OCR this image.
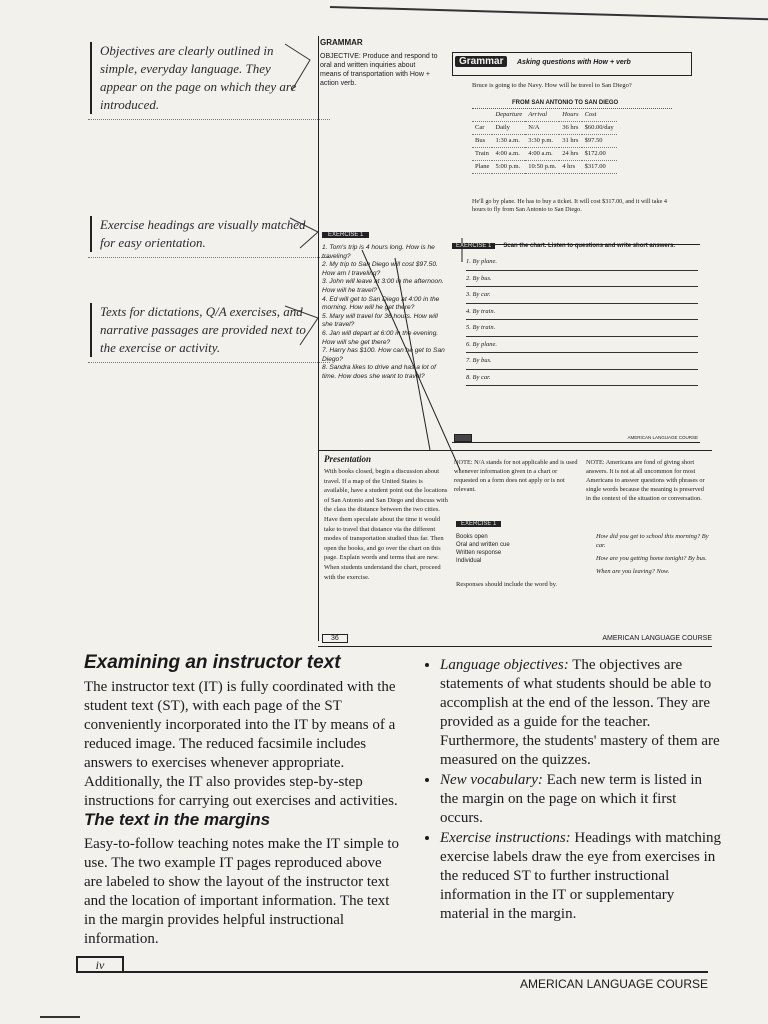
Objectives are clearly outlined in simple, everyday language. They appear on the page on which they are introduced.
Exercise headings are visually matched for easy orientation.
Texts for dictations, Q/A exercises, and narrative passages are provided next to the exercise or activity.
GRAMMAR
OBJECTIVE: Produce and respond to oral and written inquiries about means of transportation with How + action verb.
EXERCISE 1
1. Tom's trip is 4 hours long. How is he traveling?
2. My trip to San Diego will cost $97.50. How am I traveling?
3. John will leave at 3:00 in the afternoon. How will he travel?
4. Ed will get to San Diego at 4:00 in the morning. How will he get there?
5. Mary will travel for 36 hours. How will she travel?
6. Jan will depart at 6:00 in the evening. How will she get there?
7. Harry has $100. How can he get to San Diego?
8. Sandra likes to drive and has a lot of time. How does she want to travel?
Grammar	Asking questions with How + verb
Bruce is going to the Navy. How will he travel to San Diego?
FROM SAN ANTONIO TO SAN DIEGO
	Departure	Arrival	Hours	Cost
Car	Daily	N/A	36 hrs	$60.00/day
Bus	1:30 a.m.	3:30 p.m.	31 hrs	$97.50
Train	4:00 a.m.	4:00 a.m.	24 hrs	$172.00
Plane	5:00 p.m.	10:50 p.m.	4 hrs	$317.00
He'll go by plane. He has to buy a ticket. It will cost $317.00, and it will take 4 hours to fly from San Antonio to San Diego.
EXERCISE 1 Scan the chart. Listen to questions and write short answers.
1. By plane.
2. By bus.
3. By car.
4. By train.
5. By train.
6. By plane.
7. By bus.
8. By car.
AMERICAN LANGUAGE COURSE
Presentation
With books closed, begin a discussion about travel. If a map of the United States is available, have a student point out the locations of San Antonio and San Diego and discuss with the class the distance between the two cities. Have them speculate about the time it would take to travel that distance via the different modes of transportation studied thus far. Then open the books, and go over the chart on this page. Explain words and terms that are new. When students understand the chart, proceed with the exercise.
NOTE: N/A stands for not applicable and is used whenever information given in a chart or requested on a form does not apply or is not relevant.
EXERCISE 1
Books open
Oral and written cue
Written response
Individual
Responses should include the word by.
NOTE: Americans are fond of giving short answers. It is not at all uncommon for most Americans to answer questions with phrases or single words because the meaning is preserved in the context of the situation or conversation.
How did you get to school this morning? By car.
How are you getting home tonight? By bus.
When are you leaving? Now.
36	AMERICAN LANGUAGE COURSE
Examining an instructor text
The instructor text (IT) is fully coordinated with the student text (ST), with each page of the ST conveniently incorporated into the IT by means of a reduced image. The reduced facsimile includes answers to exercises whenever appropriate. Additionally, the IT also provides step-by-step instructions for carrying out exercises and activities.
The text in the margins
Easy-to-follow teaching notes make the IT simple to use. The two example IT pages reproduced above are labeled to show the layout of the instructor text and the location of important information. The text in the margin provides helpful instructional information.
• Language objectives: The objectives are statements of what students should be able to accomplish at the end of the lesson. They are provided as a guide for the teacher. Furthermore, the students' mastery of them are measured on the quizzes.
• New vocabulary: Each new term is listed in the margin on the page on which it first occurs.
• Exercise instructions: Headings with matching exercise labels draw the eye from exercises in the reduced ST to further instructional information in the IT or supplementary material in the margin.
iv
AMERICAN LANGUAGE COURSE
